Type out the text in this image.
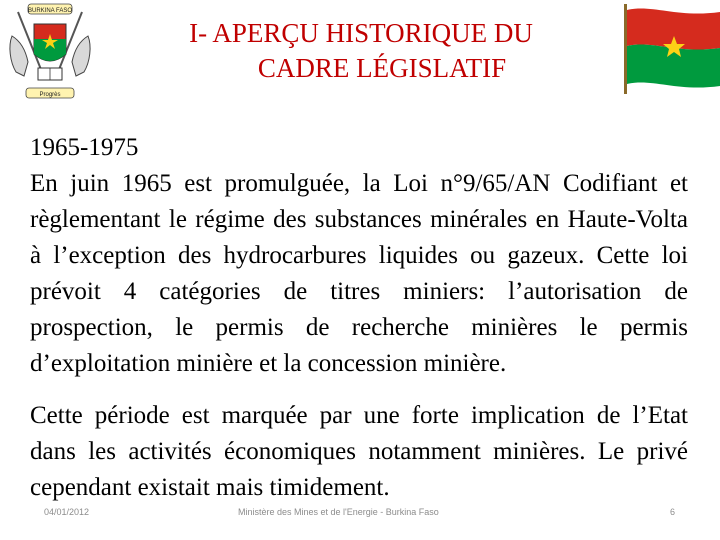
BURKINA FASO
Progrès
I- APERÇU HISTORIQUE DU
CADRE LÉGISLATIF

1965-1975

En juin 1965 est promulguée, la Loi n°9/65/AN Codifiant et règlementant le régime des substances minérales en Haute-Volta à l’exception des hydrocarbures liquides ou gazeux. Cette loi prévoit 4 catégories de titres miniers: l’autorisation de prospection, le permis de recherche minières le permis d’exploitation minière et la concession minière.

Cette période est marquée par une forte implication de l’Etat dans les activités économiques notamment minières. Le privé cependant existait mais timidement.

04/01/2012	Ministère des Mines et de l'Energie - Burkina Faso	6
